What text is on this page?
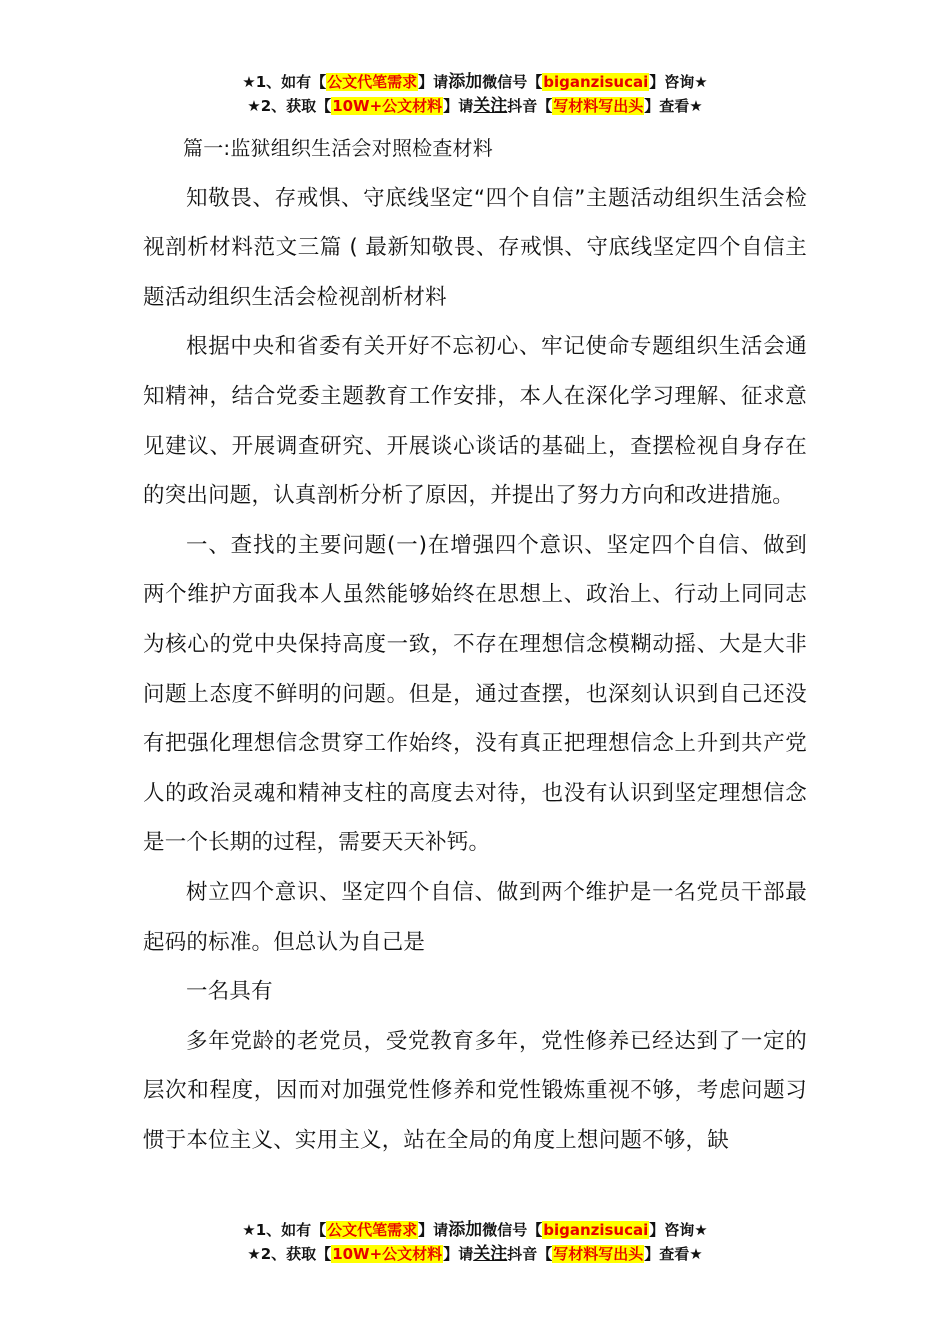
★1、如有【公文代笔需求】请添加微信号【biganzisucai】咨询★
★2、获取【10W+公文材料】请关注抖音【写材料写出头】查看★

篇一:监狱组织生活会对照检查材料

知敬畏、存戒惧、守底线坚定“四个自信”主题活动组织生活会检视剖析材料范文三篇 ( 最新知敬畏、存戒惧、守底线坚定四个自信主题活动组织生活会检视剖析材料

根据中央和省委有关开好不忘初心、牢记使命专题组织生活会通知精神，结合党委主题教育工作安排，本人在深化学习理解、征求意见建议、开展调查研究、开展谈心谈话的基础上，查摆检视自身存在的突出问题，认真剖析分析了原因，并提出了努力方向和改进措施。

一、查找的主要问题(一)在增强四个意识、坚定四个自信、做到两个维护方面我本人虽然能够始终在思想上、政治上、行动上同同志为核心的党中央保持高度一致，不存在理想信念模糊动摇、大是大非问题上态度不鲜明的问题。但是，通过查摆，也深刻认识到自己还没有把强化理想信念贯穿工作始终，没有真正把理想信念上升到共产党人的政治灵魂和精神支柱的高度去对待，也没有认识到坚定理想信念是一个长期的过程，需要天天补钙。

树立四个意识、坚定四个自信、做到两个维护是一名党员干部最起码的标准。但总认为自己是

一名具有

多年党龄的老党员，受党教育多年，党性修养已经达到了一定的层次和程度，因而对加强党性修养和党性锻炼重视不够，考虑问题习惯于本位主义、实用主义，站在全局的角度上想问题不够，缺

★1、如有【公文代笔需求】请添加微信号【biganzisucai】咨询★
★2、获取【10W+公文材料】请关注抖音【写材料写出头】查看★
